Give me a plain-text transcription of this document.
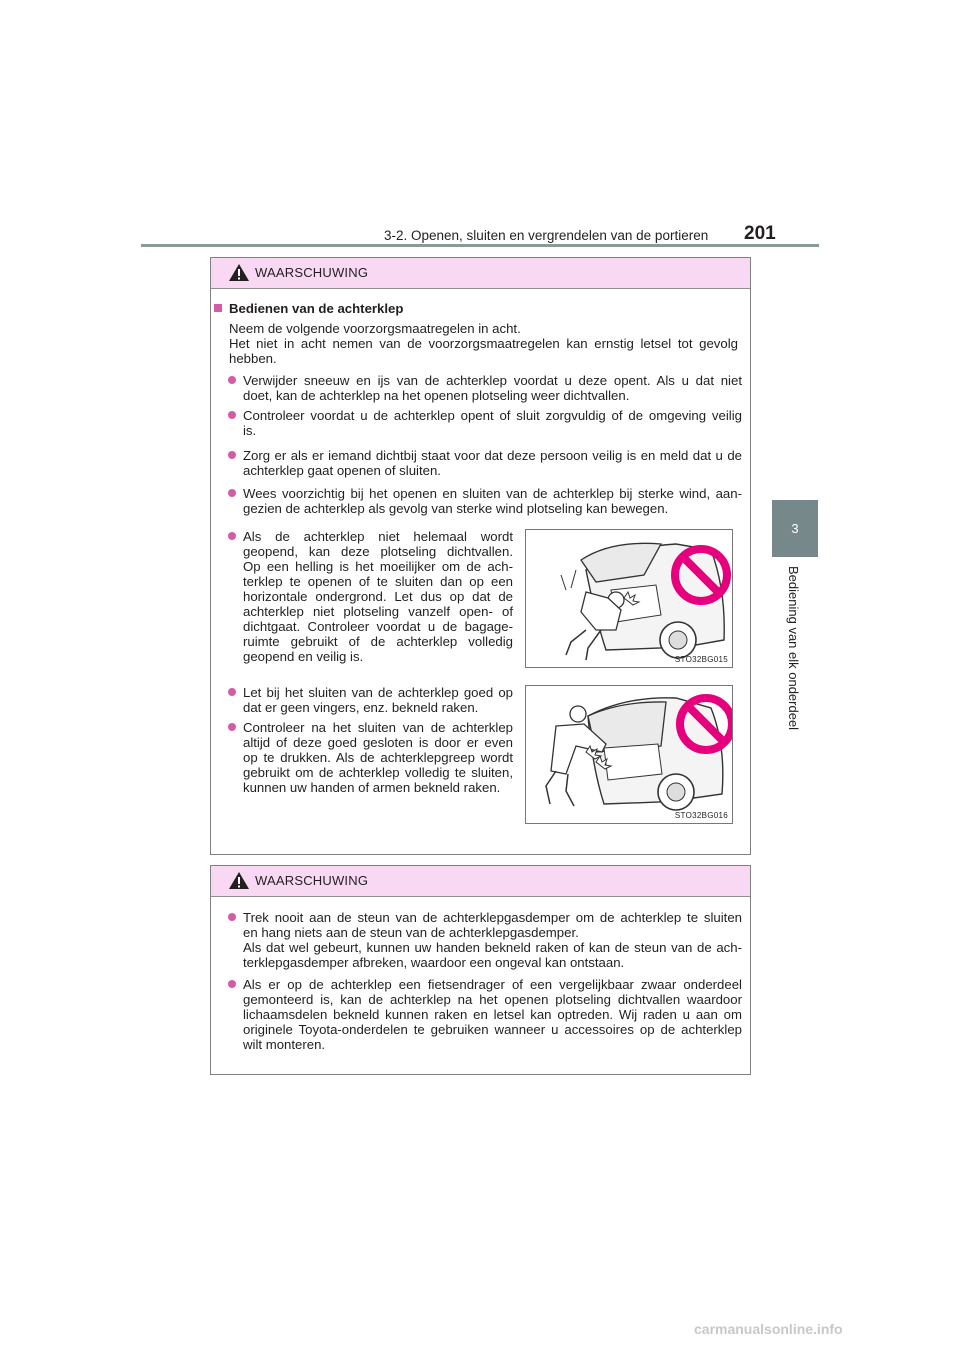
3-2. Openen, sluiten en vergrendelen van de portieren 201
3
Bediening van elk onderdeel
WAARSCHUWING
Bedienen van de achterklep
Neem de volgende voorzorgsmaatregelen in acht.
Het niet in acht nemen van de voorzorgsmaatregelen kan ernstig letsel tot gevolg
hebben.
Verwijder sneeuw en ijs van de achterklep voordat u deze opent. Als u dat niet
doet, kan de achterklep na het openen plotseling weer dichtvallen.
Controleer voordat u de achterklep opent of sluit zorgvuldig of de omgeving veilig
is.
Zorg er als er iemand dichtbij staat voor dat deze persoon veilig is en meld dat u de
achterklep gaat openen of sluiten.
Wees voorzichtig bij het openen en sluiten van de achterklep bij sterke wind, aan-
gezien de achterklep als gevolg van sterke wind plotseling kan bewegen.
Als de achterklep niet helemaal wordt
geopend, kan deze plotseling dichtvallen.
Op een helling is het moeilijker om de ach-
terklep te openen of te sluiten dan op een
horizontale ondergrond. Let dus op dat de
achterklep niet plotseling vanzelf open- of
dichtgaat. Controleer voordat u de bagage-
ruimte gebruikt of de achterklep volledig
geopend en veilig is.	STO32BG015
Let bij het sluiten van de achterklep goed op
dat er geen vingers, enz. bekneld raken.
Controleer na het sluiten van de achterklep
altijd of deze goed gesloten is door er even
op te drukken. Als de achterklepgreep wordt
gebruikt om de achterklep volledig te sluiten,
kunnen uw handen of armen bekneld raken.
STO32BG016
WAARSCHUWING
Trek nooit aan de steun van de achterklepgasdemper om de achterklep te sluiten
en hang niets aan de steun van de achterklepgasdemper.
Als dat wel gebeurt, kunnen uw handen bekneld raken of kan de steun van de ach-
terklepgasdemper afbreken, waardoor een ongeval kan ontstaan.
Als er op de achterklep een fietsendrager of een vergelijkbaar zwaar onderdeel
gemonteerd is, kan de achterklep na het openen plotseling dichtvallen waardoor
lichaamsdelen bekneld kunnen raken en letsel kan optreden. Wij raden u aan om
originele Toyota-onderdelen te gebruiken wanneer u accessoires op de achterklep
wilt monteren.
carmanualsonline.info
